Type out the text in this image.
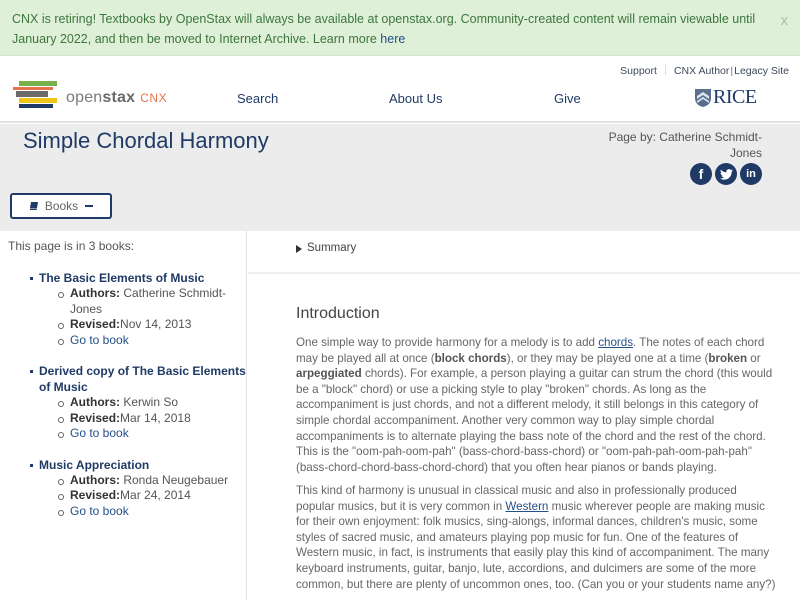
CNX is retiring! Textbooks by OpenStax will always be available at openstax.org. Community-created content will remain viewable until January 2022, and then be moved to Internet Archive. Learn more here
x
Support CNX Author|Legacy Site
openstax CNX	Search	About Us	Give	RICE
Simple Chordal Harmony	Page by: Catherine Schmidt-Jones
f	in
Books
This page is in 3 books:
The Basic Elements of Music
Authors: Catherine Schmidt-Jones
Revised:Nov 14, 2013
Go to book
Derived copy of The Basic Elements of Music
Authors: Kerwin So
Revised:Mar 14, 2018
Go to book
Music Appreciation
Authors: Ronda Neugebauer
Revised:Mar 24, 2014
Go to book
Summary
Introduction

One simple way to provide harmony for a melody is to add chords. The notes of each chord may be played all at once (block chords), or they may be played one at a time (broken or arpeggiated chords). For example, a person playing a guitar can strum the chord (this would be a "block" chord) or use a picking style to play "broken" chords. As long as the accompaniment is just chords, and not a different melody, it still belongs in this category of simple chordal accompaniment. Another very common way to play simple chordal accompaniments is to alternate playing the bass note of the chord and the rest of the chord. This is the "oom-pah-oom-pah" (bass-chord-bass-chord) or "oom-pah-pah-oom-pah-pah" (bass-chord-chord-bass-chord-chord) that you often hear pianos or bands playing.

This kind of harmony is unusual in classical music and also in professionally produced popular musics, but it is very common in Western music wherever people are making music for their own enjoyment: folk musics, sing-alongs, informal dances, children's music, some styles of sacred music, and amateurs playing pop music for fun. One of the features of Western music, in fact, is instruments that easily play this kind of accompaniment. The many keyboard instruments, guitar, banjo, lute, accordions, and dulcimers are some of the more common, but there are plenty of uncommon ones, too. (Can you or your students name any?)
